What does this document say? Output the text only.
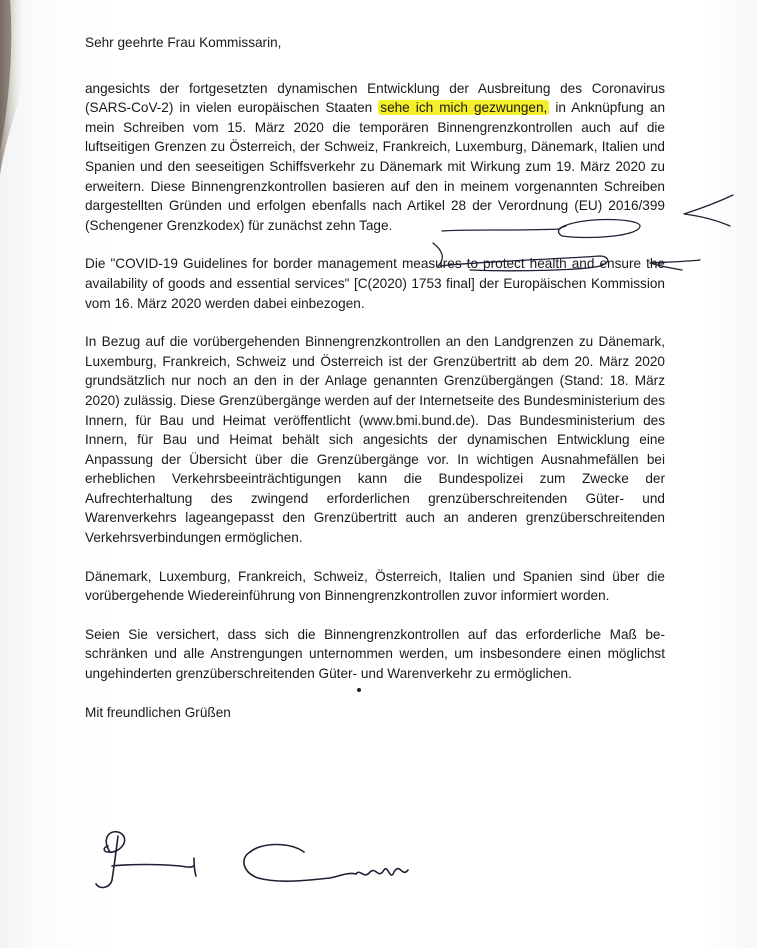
Sehr geehrte Frau Kommissarin,

angesichts der fortgesetzten dynamischen Entwicklung der Ausbreitung des Coronavirus (SARS-CoV-2) in vielen europäischen Staaten sehe ich mich gezwungen, in Anknüpfung an mein Schreiben vom 15. März 2020 die temporären Binnengrenzkontrollen auch auf die luftseitigen Grenzen zu Österreich, der Schweiz, Frankreich, Luxemburg, Dänemark, Italien und Spanien und den seeseitigen Schiffsverkehr zu Dänemark mit Wirkung zum 19. März 2020 zu erweitern. Diese Binnengrenzkontrollen basieren auf den in meinem vorgenannten Schreiben dargestellten Gründen und erfolgen ebenfalls nach Artikel 28 der Verordnung (EU) 2016/399 (Schengener Grenzkodex) für zunächst zehn Tage.

Die "COVID-19 Guidelines for border management measures to protect health and ensure the availability of goods and essential services" [C(2020) 1753 final] der Europäischen Kommission vom 16. März 2020 werden dabei einbezogen.

In Bezug auf die vorübergehenden Binnengrenzkontrollen an den Landgrenzen zu Dänemark, Luxemburg, Frankreich, Schweiz und Österreich ist der Grenzübertritt ab dem 20. März 2020 grundsätzlich nur noch an den in der Anlage genannten Grenzübergängen (Stand: 18. März 2020) zulässig. Diese Grenzübergänge werden auf der Internetseite des Bundesministerium des Innern, für Bau und Heimat veröffentlicht (www.bmi.bund.de). Das Bundesministerium des Innern, für Bau und Heimat behält sich angesichts der dynamischen Entwicklung eine Anpassung der Übersicht über die Grenzübergänge vor. In wichtigen Ausnahmefällen bei erheblichen Verkehrsbeeinträchtigungen kann die Bundespolizei zum Zwecke der Aufrechterhaltung des zwingend erforderlichen grenzüberschreitenden Güter- und Warenverkehrs lageangepasst den Grenzübertritt auch an anderen grenzüberschreitenden Verkehrsverbindungen ermöglichen.

Dänemark, Luxemburg, Frankreich, Schweiz, Österreich, Italien und Spanien sind über die vorübergehende Wiedereinführung von Binnengrenzkontrollen zuvor informiert worden.

Seien Sie versichert, dass sich die Binnengrenzkontrollen auf das erforderliche Maß beschränken und alle Anstrengungen unternommen werden, um insbesondere einen möglichst ungehinderten grenzüberschreitenden Güter- und Warenverkehr zu ermöglichen.

Mit freundlichen Grüßen
